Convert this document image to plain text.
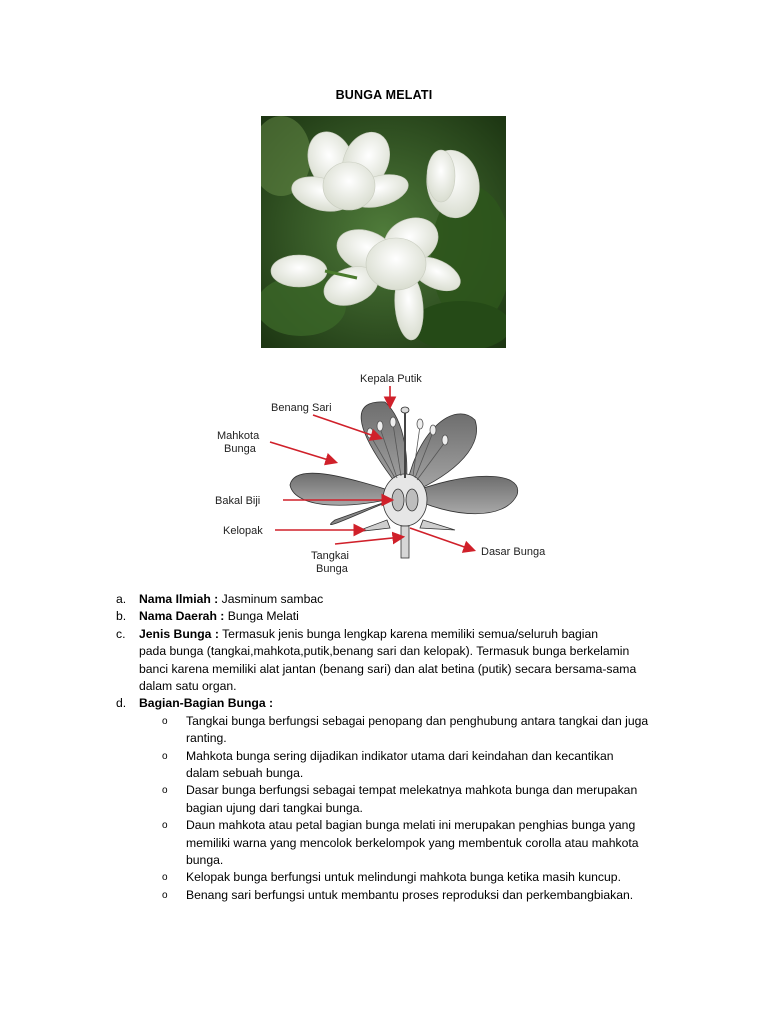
BUNGA MELATI
Kepala Putik
Benang Sari
Mahkota
Bunga
Bakal Biji
Kelopak
Tangkai
Bunga
Dasar Bunga
a. Nama Ilmiah : Jasminum sambac
b. Nama Daerah : Bunga Melati
c. Jenis Bunga : Termasuk jenis bunga lengkap karena memiliki semua/seluruh bagian
pada bunga (tangkai,mahkota,putik,benang sari dan kelopak). Termasuk bunga berkelamin
banci karena memiliki alat jantan (benang sari) dan alat betina (putik) secara bersama-sama
dalam satu organ.
d. Bagian-Bagian Bunga :
o Tangkai bunga berfungsi sebagai penopang dan penghubung antara tangkai dan juga
ranting.
o Mahkota bunga sering dijadikan indikator utama dari keindahan dan kecantikan
dalam sebuah bunga.
o Dasar bunga berfungsi sebagai tempat melekatnya mahkota bunga dan merupakan
bagian ujung dari tangkai bunga.
o Daun mahkota atau petal bagian bunga melati ini merupakan penghias bunga yang
memiliki warna yang mencolok berkelompok yang membentuk corolla atau mahkota
bunga.
o Kelopak bunga berfungsi untuk melindungi mahkota bunga ketika masih kuncup.
o Benang sari berfungsi untuk membantu proses reproduksi dan perkembangbiakan.
